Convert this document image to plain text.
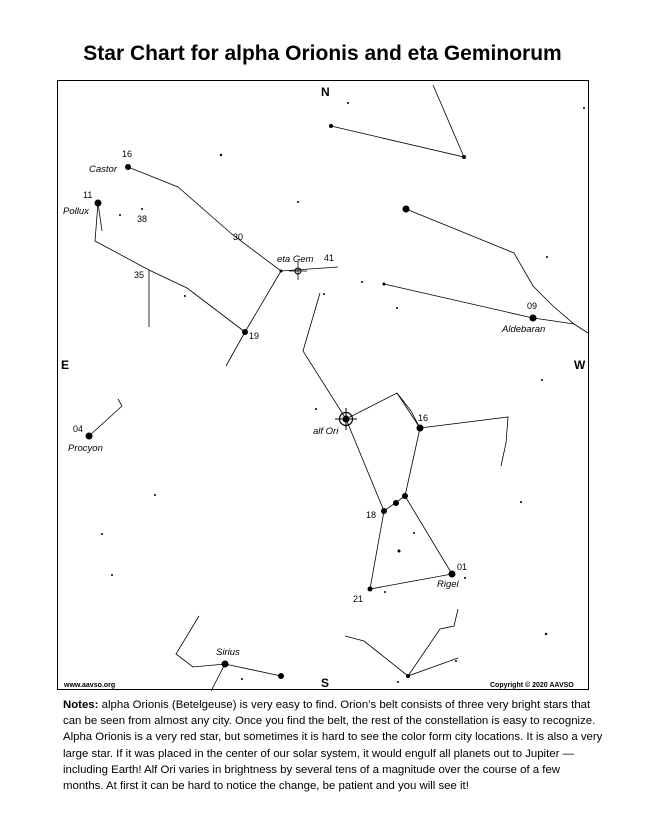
Star Chart for alpha Orionis and eta Geminorum
N
S
E	W
Castor
Pollux
eta Gem
Aldebaran
alf Ori
Procyon
Rigel
Sirius
16
11
38
30
41
35
19
09
16
04
18
01
21
www.aavso.org	Copyright © 2020 AAVSO

Notes: alpha Orionis (Betelgeuse) is very easy to find. Orion’s belt consists of three very bright stars that can be seen from almost any city. Once you find the belt, the rest of the constellation is easy to recognize. Alpha Orionis is a very red star, but sometimes it is hard to see the color form city locations. It is also a very large star. If it was placed in the center of our solar system, it would engulf all planets out to Jupiter —including Earth! Alf Ori varies in brightness by several tens of a magnitude over the course of a few months. At first it can be hard to notice the change, be patient and you will see it!
